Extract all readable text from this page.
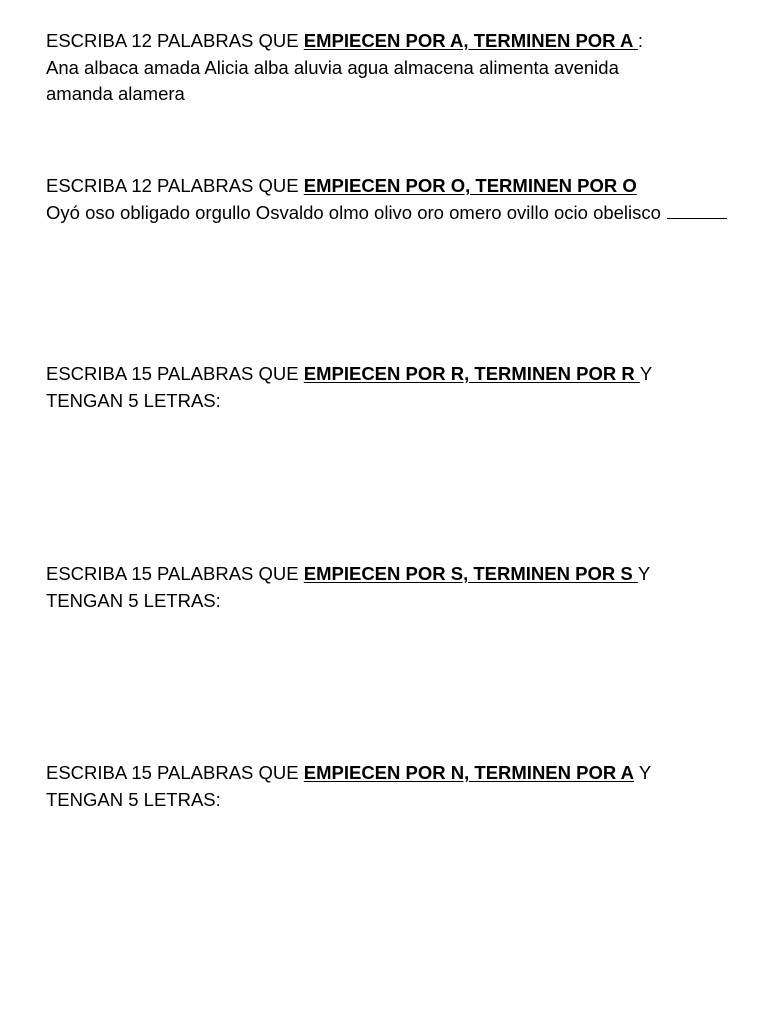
ESCRIBA 12 PALABRAS QUE EMPIECEN POR A, TERMINEN POR A :
Ana albaca amada Alicia alba aluvia agua almacena alimenta avenida
amanda alamera
ESCRIBA 12 PALABRAS QUE EMPIECEN POR O, TERMINEN POR O
Oyó oso obligado orgullo Osvaldo olmo olivo oro omero ovillo ocio obelisco
ESCRIBA 15 PALABRAS QUE EMPIECEN POR R, TERMINEN POR R Y
TENGAN 5 LETRAS:
ESCRIBA 15 PALABRAS QUE EMPIECEN POR S, TERMINEN POR S Y
TENGAN 5 LETRAS:
ESCRIBA 15 PALABRAS QUE EMPIECEN POR N, TERMINEN POR A Y
TENGAN 5 LETRAS:
